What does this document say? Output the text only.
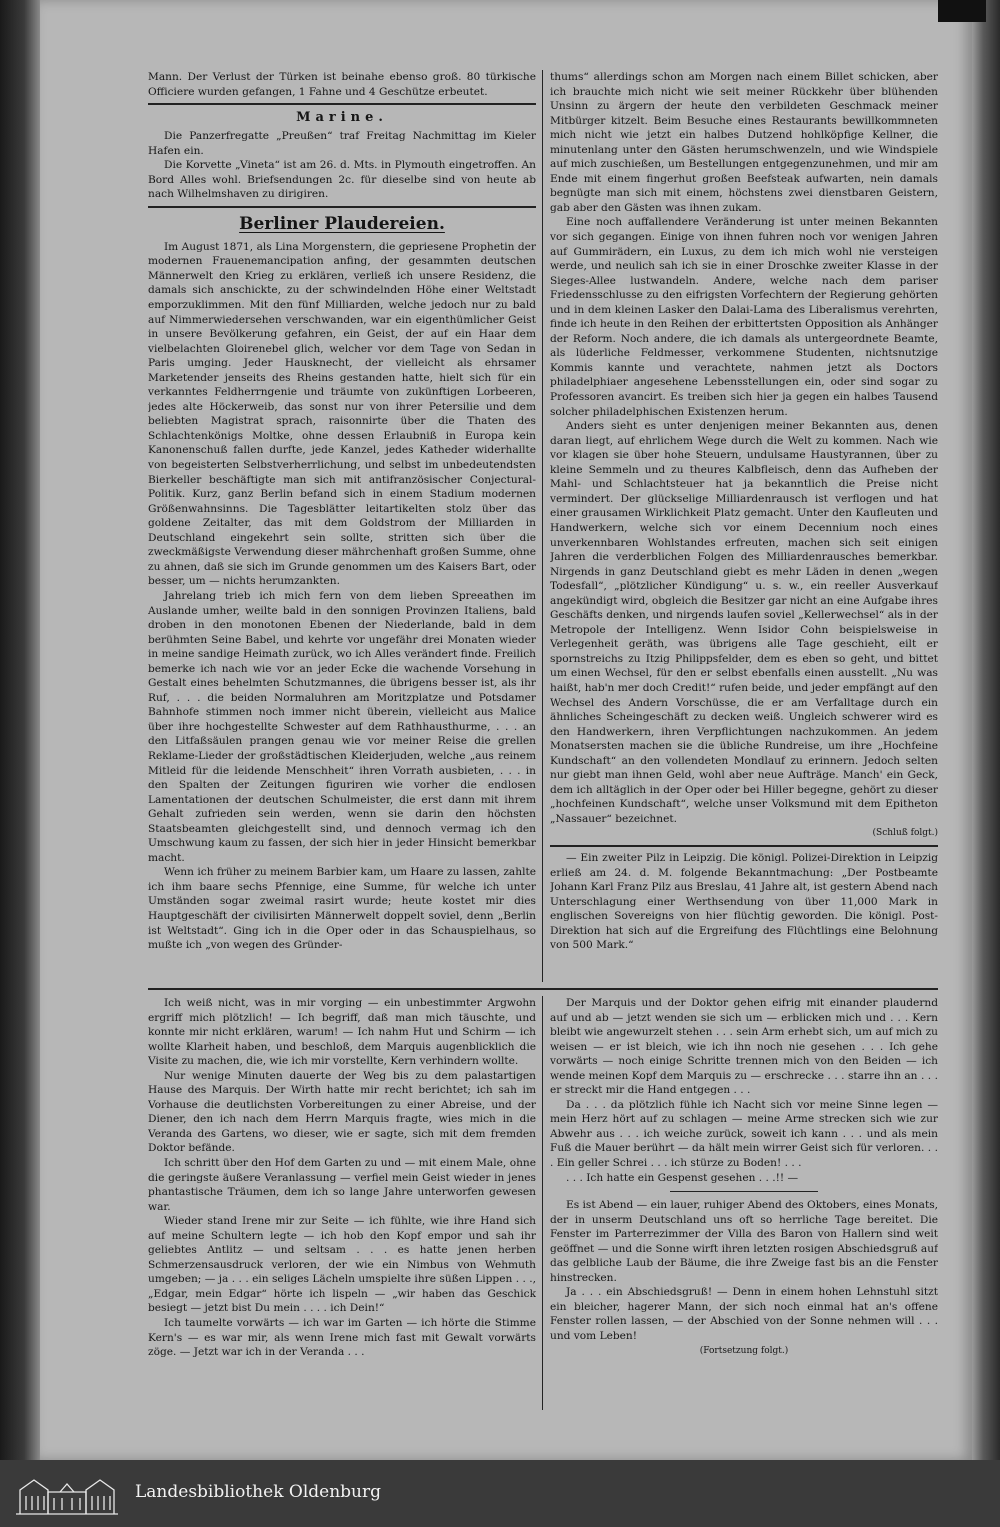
Mann. Der Verlust der Türken ist beinahe ebenso groß. 80 türkische Officiere wurden gefangen, 1 Fahne und 4 Geschütze erbeutet.

Marine.

Die Panzerfregatte „Preußen“ traf Freitag Nachmittag im Kieler Hafen ein.

Die Korvette „Vineta“ ist am 26. d. Mts. in Plymouth eingetroffen. An Bord Alles wohl. Briefsendungen 2c. für dieselbe sind von heute ab nach Wilhelmshaven zu dirigiren.

Berliner Plaudereien.

Im August 1871, als Lina Morgenstern, die gepriesene Prophetin der modernen Frauenemancipation anfing, der gesammten deutschen Männerwelt den Krieg zu erklären, verließ ich unsere Residenz, die damals sich anschickte, zu der schwindelnden Höhe einer Weltstadt emporzuklimmen. Mit den fünf Milliarden, welche jedoch nur zu bald auf Nimmerwiedersehen verschwanden, war ein eigenthümlicher Geist in unsere Bevölkerung gefahren, ein Geist, der auf ein Haar dem vielbelachten Gloirenebel glich, welcher vor dem Tage von Sedan in Paris umging. Jeder Hausknecht, der vielleicht als ehrsamer Marketender jenseits des Rheins gestanden hatte, hielt sich für ein verkanntes Feldherrngenie und träumte von zukünftigen Lorbeeren, jedes alte Höckerweib, das sonst nur von ihrer Petersilie und dem beliebten Magistrat sprach, raisonnirte über die Thaten des Schlachtenkönigs Moltke, ohne dessen Erlaubniß in Europa kein Kanonenschuß fallen durfte, jede Kanzel, jedes Katheder widerhallte von begeisterten Selbstverherrlichung, und selbst im unbedeutendsten Bierkeller beschäftigte man sich mit antifranzösischer Conjectural-Politik. Kurz, ganz Berlin befand sich in einem Stadium modernen Größenwahnsinns. Die Tagesblätter leitartikelten stolz über das goldene Zeitalter, das mit dem Goldstrom der Milliarden in Deutschland eingekehrt sein sollte, stritten sich über die zweckmäßigste Verwendung dieser mährchenhaft großen Summe, ohne zu ahnen, daß sie sich im Grunde genommen um des Kaisers Bart, oder besser, um — nichts herumzankten.

Jahrelang trieb ich mich fern von dem lieben Spreeathen im Auslande umher, weilte bald in den sonnigen Provinzen Italiens, bald droben in den monotonen Ebenen der Niederlande, bald in dem berühmten Seine Babel, und kehrte vor ungefähr drei Monaten wieder in meine sandige Heimath zurück, wo ich Alles verändert finde. Freilich bemerke ich nach wie vor an jeder Ecke die wachende Vorsehung in Gestalt eines behelmten Schutzmannes, die übrigens besser ist, als ihr Ruf, . . . die beiden Normaluhren am Moritzplatze und Potsdamer Bahnhofe stimmen noch immer nicht überein, vielleicht aus Malice über ihre hochgestellte Schwester auf dem Rathhausthurme, . . . an den Litfaßsäulen prangen genau wie vor meiner Reise die grellen Reklame-Lieder der großstädtischen Kleiderjuden, welche „aus reinem Mitleid für die leidende Menschheit“ ihren Vorrath ausbieten, . . . in den Spalten der Zeitungen figuriren wie vorher die endlosen Lamentationen der deutschen Schulmeister, die erst dann mit ihrem Gehalt zufrieden sein werden, wenn sie darin den höchsten Staatsbeamten gleichgestellt sind, und dennoch vermag ich den Umschwung kaum zu fassen, der sich hier in jeder Hinsicht bemerkbar macht.

Wenn ich früher zu meinem Barbier kam, um Haare zu lassen, zahlte ich ihm baare sechs Pfennige, eine Summe, für welche ich unter Umständen sogar zweimal rasirt wurde; heute kostet mir dies Hauptgeschäft der civilisirten Männerwelt doppelt soviel, denn „Berlin ist Weltstadt“. Ging ich in die Oper oder in das Schauspielhaus, so mußte ich „von wegen des Gründer-

thums“ allerdings schon am Morgen nach einem Billet schicken, aber ich brauchte mich nicht wie seit meiner Rückkehr über blühenden Unsinn zu ärgern der heute den verbildeten Geschmack meiner Mitbürger kitzelt. Beim Besuche eines Restaurants bewillkommneten mich nicht wie jetzt ein halbes Dutzend hohlköpfige Kellner, die minutenlang unter den Gästen herumschwenzeln, und wie Windspiele auf mich zuschießen, um Bestellungen entgegenzunehmen, und mir am Ende mit einem fingerhut großen Beefsteak aufwarten, nein damals begnügte man sich mit einem, höchstens zwei dienstbaren Geistern, gab aber den Gästen was ihnen zukam.

Eine noch auffallendere Veränderung ist unter meinen Bekannten vor sich gegangen. Einige von ihnen fuhren noch vor wenigen Jahren auf Gummirädern, ein Luxus, zu dem ich mich wohl nie versteigen werde, und neulich sah ich sie in einer Droschke zweiter Klasse in der Sieges-Allee lustwandeln. Andere, welche nach dem pariser Friedensschlusse zu den eifrigsten Vorfechtern der Regierung gehörten und in dem kleinen Lasker den Dalai-Lama des Liberalismus verehrten, finde ich heute in den Reihen der erbittertsten Opposition als Anhänger der Reform. Noch andere, die ich damals als untergeordnete Beamte, als lüderliche Feldmesser, verkommene Studenten, nichtsnutzige Kommis kannte und verachtete, nahmen jetzt als Doctors philadelphiaer angesehene Lebensstellungen ein, oder sind sogar zu Professoren avancirt. Es treiben sich hier ja gegen ein halbes Tausend solcher philadelphischen Existenzen herum.

Anders sieht es unter denjenigen meiner Bekannten aus, denen daran liegt, auf ehrlichem Wege durch die Welt zu kommen. Nach wie vor klagen sie über hohe Steuern, undulsame Haustyrannen, über zu kleine Semmeln und zu theures Kalbfleisch, denn das Aufheben der Mahl- und Schlachtsteuer hat ja bekanntlich die Preise nicht vermindert. Der glückselige Milliardenrausch ist verflogen und hat einer grausamen Wirklichkeit Platz gemacht. Unter den Kaufleuten und Handwerkern, welche sich vor einem Decennium noch eines unverkennbaren Wohlstandes erfreuten, machen sich seit einigen Jahren die verderblichen Folgen des Milliardenrausches bemerkbar. Nirgends in ganz Deutschland giebt es mehr Läden in denen „wegen Todesfall“, „plötzlicher Kündigung“ u. s. w., ein reeller Ausverkauf angekündigt wird, obgleich die Besitzer gar nicht an eine Aufgabe ihres Geschäfts denken, und nirgends laufen soviel „Kellerwechsel“ als in der Metropole der Intelligenz. Wenn Isidor Cohn beispielsweise in Verlegenheit geräth, was übrigens alle Tage geschieht, eilt er spornstreichs zu Itzig Philippsfelder, dem es eben so geht, und bittet um einen Wechsel, für den er selbst ebenfalls einen ausstellt. „Nu was haißt, hab'n mer doch Credit!“ rufen beide, und jeder empfängt auf den Wechsel des Andern Vorschüsse, die er am Verfalltage durch ein ähnliches Scheingeschäft zu decken weiß. Ungleich schwerer wird es den Handwerkern, ihren Verpflichtungen nachzukommen. An jedem Monatsersten machen sie die übliche Rundreise, um ihre „Hochfeine Kundschaft“ an den vollendeten Mondlauf zu erinnern. Jedoch selten nur giebt man ihnen Geld, wohl aber neue Aufträge. Manch' ein Geck, dem ich alltäglich in der Oper oder bei Hiller begegne, gehört zu dieser „hochfeinen Kundschaft“, welche unser Volksmund mit dem Epitheton „Nassauer“ bezeichnet.

(Schluß folgt.)

— Ein zweiter Pilz in Leipzig. Die königl. Polizei-Direktion in Leipzig erließ am 24. d. M. folgende Bekanntmachung: „Der Postbeamte Johann Karl Franz Pilz aus Breslau, 41 Jahre alt, ist gestern Abend nach Unterschlagung einer Werthsendung von über 11,000 Mark in englischen Sovereigns von hier flüchtig geworden. Die königl. Post-Direktion hat sich auf die Ergreifung des Flüchtlings eine Belohnung von 500 Mark.“

Ich weiß nicht, was in mir vorging — ein unbestimmter Argwohn ergriff mich plötzlich! — Ich begriff, daß man mich täuschte, und konnte mir nicht erklären, warum! — Ich nahm Hut und Schirm — ich wollte Klarheit haben, und beschloß, dem Marquis augenblicklich die Visite zu machen, die, wie ich mir vorstellte, Kern verhindern wollte.

Nur wenige Minuten dauerte der Weg bis zu dem palastartigen Hause des Marquis. Der Wirth hatte mir recht berichtet; ich sah im Vorhause die deutlichsten Vorbereitungen zu einer Abreise, und der Diener, den ich nach dem Herrn Marquis fragte, wies mich in die Veranda des Gartens, wo dieser, wie er sagte, sich mit dem fremden Doktor befände.

Ich schritt über den Hof dem Garten zu und — mit einem Male, ohne die geringste äußere Veranlassung — verfiel mein Geist wieder in jenes phantastische Träumen, dem ich so lange Jahre unterworfen gewesen war.

Wieder stand Irene mir zur Seite — ich fühlte, wie ihre Hand sich auf meine Schultern legte — ich hob den Kopf empor und sah ihr geliebtes Antlitz — und seltsam . . . es hatte jenen herben Schmerzensausdruck verloren, der wie ein Nimbus von Wehmuth umgeben; — ja . . . ein seliges Lächeln umspielte ihre süßen Lippen . . ., „Edgar, mein Edgar“ hörte ich lispeln — „wir haben das Geschick besiegt — jetzt bist Du mein . . . . ich Dein!“

Ich taumelte vorwärts — ich war im Garten — ich hörte die Stimme Kern's — es war mir, als wenn Irene mich fast mit Gewalt vorwärts zöge. — Jetzt war ich in der Veranda . . .

Der Marquis und der Doktor gehen eifrig mit einander plaudernd auf und ab — jetzt wenden sie sich um — erblicken mich und . . . Kern bleibt wie angewurzelt stehen . . . sein Arm erhebt sich, um auf mich zu weisen — er ist bleich, wie ich ihn noch nie gesehen . . . Ich gehe vorwärts — noch einige Schritte trennen mich von den Beiden — ich wende meinen Kopf dem Marquis zu — erschrecke . . . starre ihn an . . . er streckt mir die Hand entgegen . . .

Da . . . da plötzlich fühle ich Nacht sich vor meine Sinne legen — mein Herz hört auf zu schlagen — meine Arme strecken sich wie zur Abwehr aus . . . ich weiche zurück, soweit ich kann . . . und als mein Fuß die Mauer berührt — da hält mein wirrer Geist sich für verloren. . . . Ein geller Schrei . . . ich stürze zu Boden! . . .

. . . Ich hatte ein Gespenst gesehen . . .!! —

Es ist Abend — ein lauer, ruhiger Abend des Oktobers, eines Monats, der in unserm Deutschland uns oft so herrliche Tage bereitet. Die Fenster im Parterrezimmer der Villa des Baron von Hallern sind weit geöffnet — und die Sonne wirft ihren letzten rosigen Abschiedsgruß auf das gelbliche Laub der Bäume, die ihre Zweige fast bis an die Fenster hinstrecken.

Ja . . . ein Abschiedsgruß! — Denn in einem hohen Lehnstuhl sitzt ein bleicher, hagerer Mann, der sich noch einmal hat an's offene Fenster rollen lassen, — der Abschied von der Sonne nehmen will . . . und vom Leben!

(Fortsetzung folgt.)
Landesbibliothek Oldenburg
